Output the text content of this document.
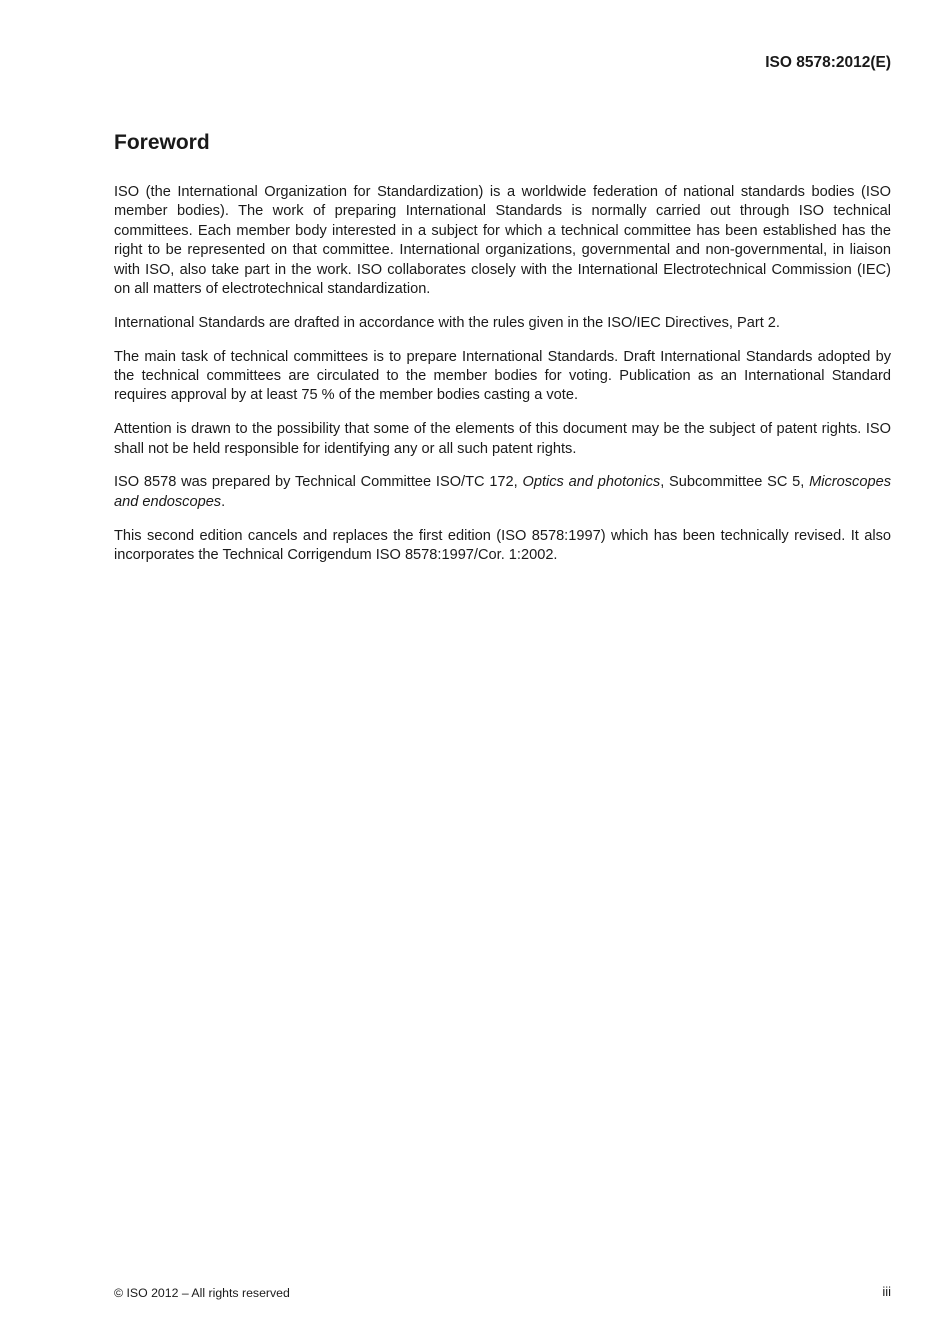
ISO 8578:2012(E)
Foreword

ISO (the International Organization for Standardization) is a worldwide federation of national standards bodies (ISO member bodies). The work of preparing International Standards is normally carried out through ISO technical committees. Each member body interested in a subject for which a technical committee has been established has the right to be represented on that committee. International organizations, governmental and non-governmental, in liaison with ISO, also take part in the work. ISO collaborates closely with the International Electrotechnical Commission (IEC) on all matters of electrotechnical standardization.

International Standards are drafted in accordance with the rules given in the ISO/IEC Directives, Part 2.

The main task of technical committees is to prepare International Standards. Draft International Standards adopted by the technical committees are circulated to the member bodies for voting. Publication as an International Standard requires approval by at least 75 % of the member bodies casting a vote.

Attention is drawn to the possibility that some of the elements of this document may be the subject of patent rights. ISO shall not be held responsible for identifying any or all such patent rights.

ISO 8578 was prepared by Technical Committee ISO/TC 172, Optics and photonics, Subcommittee SC 5, Microscopes and endoscopes.

This second edition cancels and replaces the first edition (ISO 8578:1997) which has been technically revised. It also incorporates the Technical Corrigendum ISO 8578:1997/Cor. 1:2002.

© ISO 2012 – All rights reserved	iii
